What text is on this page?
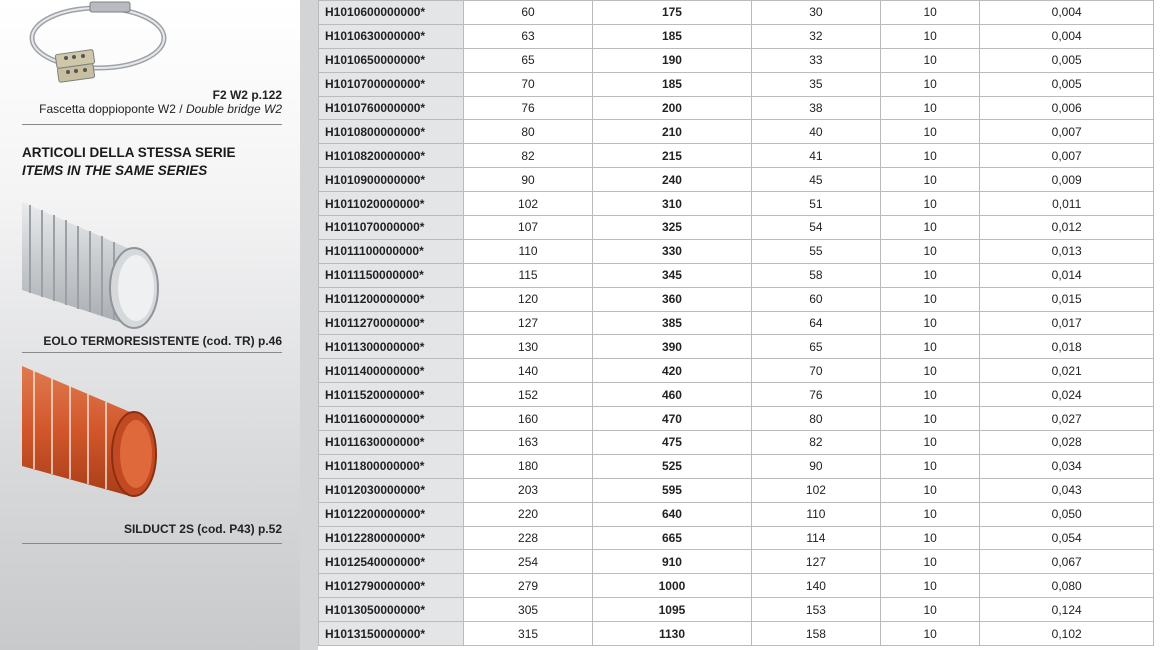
F2 W2 p.122
Fascetta doppioponte W2 / Double bridge W2
ARTICOLI DELLA STESSA SERIE
ITEMS IN THE SAME SERIES
EOLO TERMORESISTENTE (cod. TR) p.46
SILDUCT 2S (cod. P43) p.52
H1010600000000*	60	175	30	10	0,004
H1010630000000*	63	185	32	10	0,004
H1010650000000*	65	190	33	10	0,005
H1010700000000*	70	185	35	10	0,005
H1010760000000*	76	200	38	10	0,006
H1010800000000*	80	210	40	10	0,007
H1010820000000*	82	215	41	10	0,007
H1010900000000*	90	240	45	10	0,009
H1011020000000*	102	310	51	10	0,011
H1011070000000*	107	325	54	10	0,012
H1011100000000*	110	330	55	10	0,013
H1011150000000*	115	345	58	10	0,014
H1011200000000*	120	360	60	10	0,015
H1011270000000*	127	385	64	10	0,017
H1011300000000*	130	390	65	10	0,018
H1011400000000*	140	420	70	10	0,021
H1011520000000*	152	460	76	10	0,024
H1011600000000*	160	470	80	10	0,027
H1011630000000*	163	475	82	10	0,028
H1011800000000*	180	525	90	10	0,034
H1012030000000*	203	595	102	10	0,043
H1012200000000*	220	640	110	10	0,050
H1012280000000*	228	665	114	10	0,054
H1012540000000*	254	910	127	10	0,067
H1012790000000*	279	1000	140	10	0,080
H1013050000000*	305	1095	153	10	0,124
H1013150000000*	315	1130	158	10	0,102
